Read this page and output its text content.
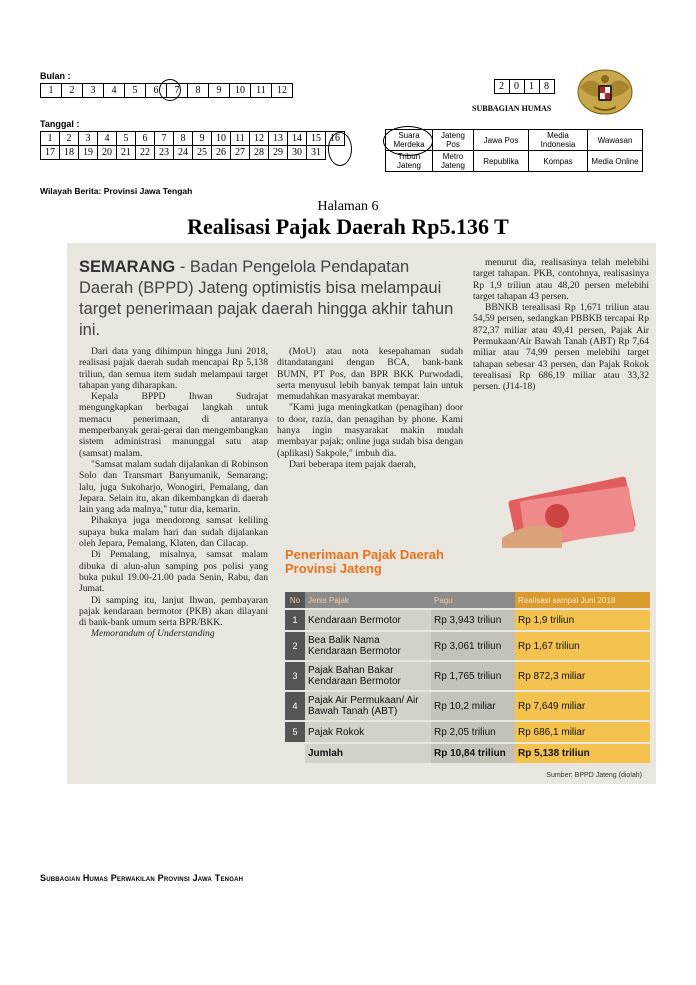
Bulan :
1	2	3	4	5	6	7	8	9	10	11	12
Tanggal :
1	2	3	4	5	6	7	8	9	10	11	12	13	14	15	16
17	18	19	20	21	22	23	24	25	26	27	28	29	30	31	
Wilayah Berita: Provinsi Jawa Tengah
2	0	1	8
SUBBAGIAN HUMAS
Suara Merdeka	Jateng Pos	Jawa Pos	Media Indonesia	Wawasan
Tribun Jateng	Metro Jateng	Republika	Kompas	Media Online
Halaman 6
Realisasi Pajak Daerah Rp5.136 T
SEMARANG - Badan Pengelola Pendapatan Daerah (BPPD) Jateng optimistis bisa melampaui target penerimaan pajak daerah hingga akhir tahun ini.

Dari data yang dihimpun hingga Juni 2018, realisasi pajak daerah sudah mencapai Rp 5,138 triliun, dan semua item sudah melampaui target tahapan yang diharapkan.

Kepala BPPD Ihwan Sudrajat mengungkapkan berbagai langkah untuk memacu penerimaan, di antaranya memperbanyak gerai-gerai dan mengembangkan sistem administrasi manunggal satu atap (samsat) malam.

"Samsat malam sudah dijalankan di Robinson Solo dan Transmart Banyumanik, Semarang; lalu, juga Sukoharjo, Wonogiri, Pemalang, dan Jepara. Selain itu, akan dikembangkan di daerah lain yang ada malnya," tutur dia, kemarin.

Pihaknya juga mendorong samsat keliling supaya buka malam hari dan sudah dijalankan oleh Jepara, Pemalang, Klaten, dan Cilacap.

Di Pemalang, misalnya, samsat malam dibuka di alun-alun samping pos polisi yang buka pukul 19.00-21.00 pada Senin, Rabu, dan Jumat.

Di samping itu, lanjut Ihwan, pembayaran pajak kendaraan bermotor (PKB) akan dilayani di bank-bank umum serta BPR/BKK.

Memorandum of Understanding

(MoU) atau nota kesepahaman sudah ditandatangani dengan BCA, bank-bank BUMN, PT Pos, dan BPR BKK Purwodadi, serta menyusul lebih banyak tempat lain untuk memudahkan masyarakat membayar.

"Kami juga meningkatkan (penagihan) door to door, razia, dan penagihan by phone. Kami hanya ingin masyarakat makin mudah membayar pajak; online juga sudah bisa dengan (aplikasi) Sakpole," imbuh dia.

Dari beberapa item pajak daerah,

menurut dia, realisasinya telah melebihi target tahapan. PKB, contohnya, realisasinya Rp 1,9 triliun atau 48,20 persen melebihi target tahapan 43 persen.

BBNKB terealisasi Rp 1,671 triliun atau 54,59 persen, sedangkan PBBKB tercapai Rp 872,37 miliar atau 49,41 persen, Pajak Air Permukaan/Air Bawah Tanah (ABT) Rp 7,64 miliar atau 74,99 persen melebihi target tahapan sebesar 43 persen, dan Pajak Rokok terealisasi Rp 686,19 miliar atau 33,32 persen. (J14-18)

Penerimaan Pajak Daerah
Provinsi Jateng
No	Jenis Pajak	Pagu	Realisasi sampai Juni 2018
1	Kendaraan Bermotor	Rp 3,943 triliun	Rp 1,9 triliun
2	Bea Balik Nama Kendaraan Bermotor	Rp 3,061 triliun	Rp 1,67 triliun
3	Pajak Bahan Bakar Kendaraan Bermotor	Rp 1,765 triliun	Rp 872,3 miliar
4	Pajak Air Permukaan/ Air Bawah Tanah (ABT)	Rp 10,2 miliar	Rp 7,649 miliar
5	Pajak Rokok	Rp 2,05 triliun	Rp 686,1 miliar
	Jumlah	Rp 10,84 triliun	Rp 5,138 triliun
Sumber: BPPD Jateng (diolah)
Subbagian Humas Perwakilan Provinsi Jawa Tengah
